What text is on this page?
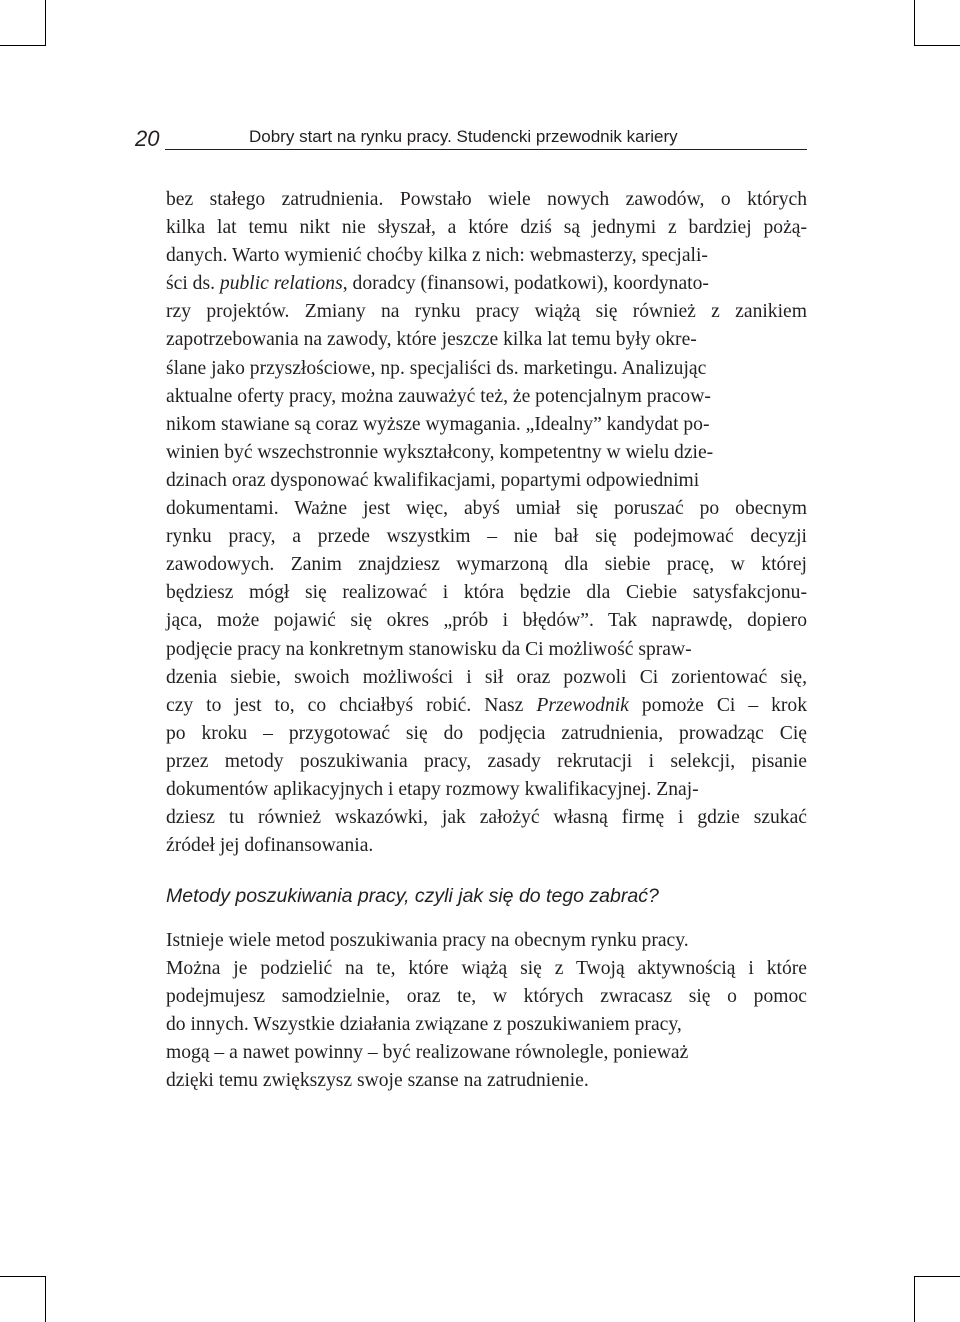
20	Dobry start na rynku pracy. Studencki przewodnik kariery
bez stałego zatrudnienia. Powstało wiele nowych zawodów, o których
kilka lat temu nikt nie słyszał, a które dziś są jednymi z bardziej pożą-
danych. Warto wymienić choćby kilka z nich: webmasterzy, specjali-
ści ds. public relations, doradcy (finansowi, podatkowi), koordynato-
rzy projektów. Zmiany na rynku pracy wiążą się również z zanikiem
zapotrzebowania na zawody, które jeszcze kilka lat temu były okre-
ślane jako przyszłościowe, np. specjaliści ds. marketingu. Analizując
aktualne oferty pracy, można zauważyć też, że potencjalnym pracow-
nikom stawiane są coraz wyższe wymagania. „Idealny” kandydat po-
winien być wszechstronnie wykształcony, kompetentny w wielu dzie-
dzinach oraz dysponować kwalifikacjami, popartymi odpowiednimi
dokumentami. Ważne jest więc, abyś umiał się poruszać po obecnym
rynku pracy, a przede wszystkim – nie bał się podejmować decyzji
zawodowych. Zanim znajdziesz wymarzoną dla siebie pracę, w której
będziesz mógł się realizować i która będzie dla Ciebie satysfakcjonu-
jąca, może pojawić się okres „prób i błędów”. Tak naprawdę, dopiero
podjęcie pracy na konkretnym stanowisku da Ci możliwość spraw-
dzenia siebie, swoich możliwości i sił oraz pozwoli Ci zorientować się,
czy to jest to, co chciałbyś robić. Nasz Przewodnik pomoże Ci – krok
po kroku – przygotować się do podjęcia zatrudnienia, prowadząc Cię
przez metody poszukiwania pracy, zasady rekrutacji i selekcji, pisanie
dokumentów aplikacyjnych i etapy rozmowy kwalifikacyjnej. Znaj-
dziesz tu również wskazówki, jak założyć własną firmę i gdzie szukać
źródeł jej dofinansowania.
Metody poszukiwania pracy, czyli jak się do tego zabrać?
Istnieje wiele metod poszukiwania pracy na obecnym rynku pracy.
Można je podzielić na te, które wiążą się z Twoją aktywnością i które
podejmujesz samodzielnie, oraz te, w których zwracasz się o pomoc
do innych. Wszystkie działania związane z poszukiwaniem pracy,
mogą – a nawet powinny – być realizowane równolegle, ponieważ
dzięki temu zwiększysz swoje szanse na zatrudnienie.
